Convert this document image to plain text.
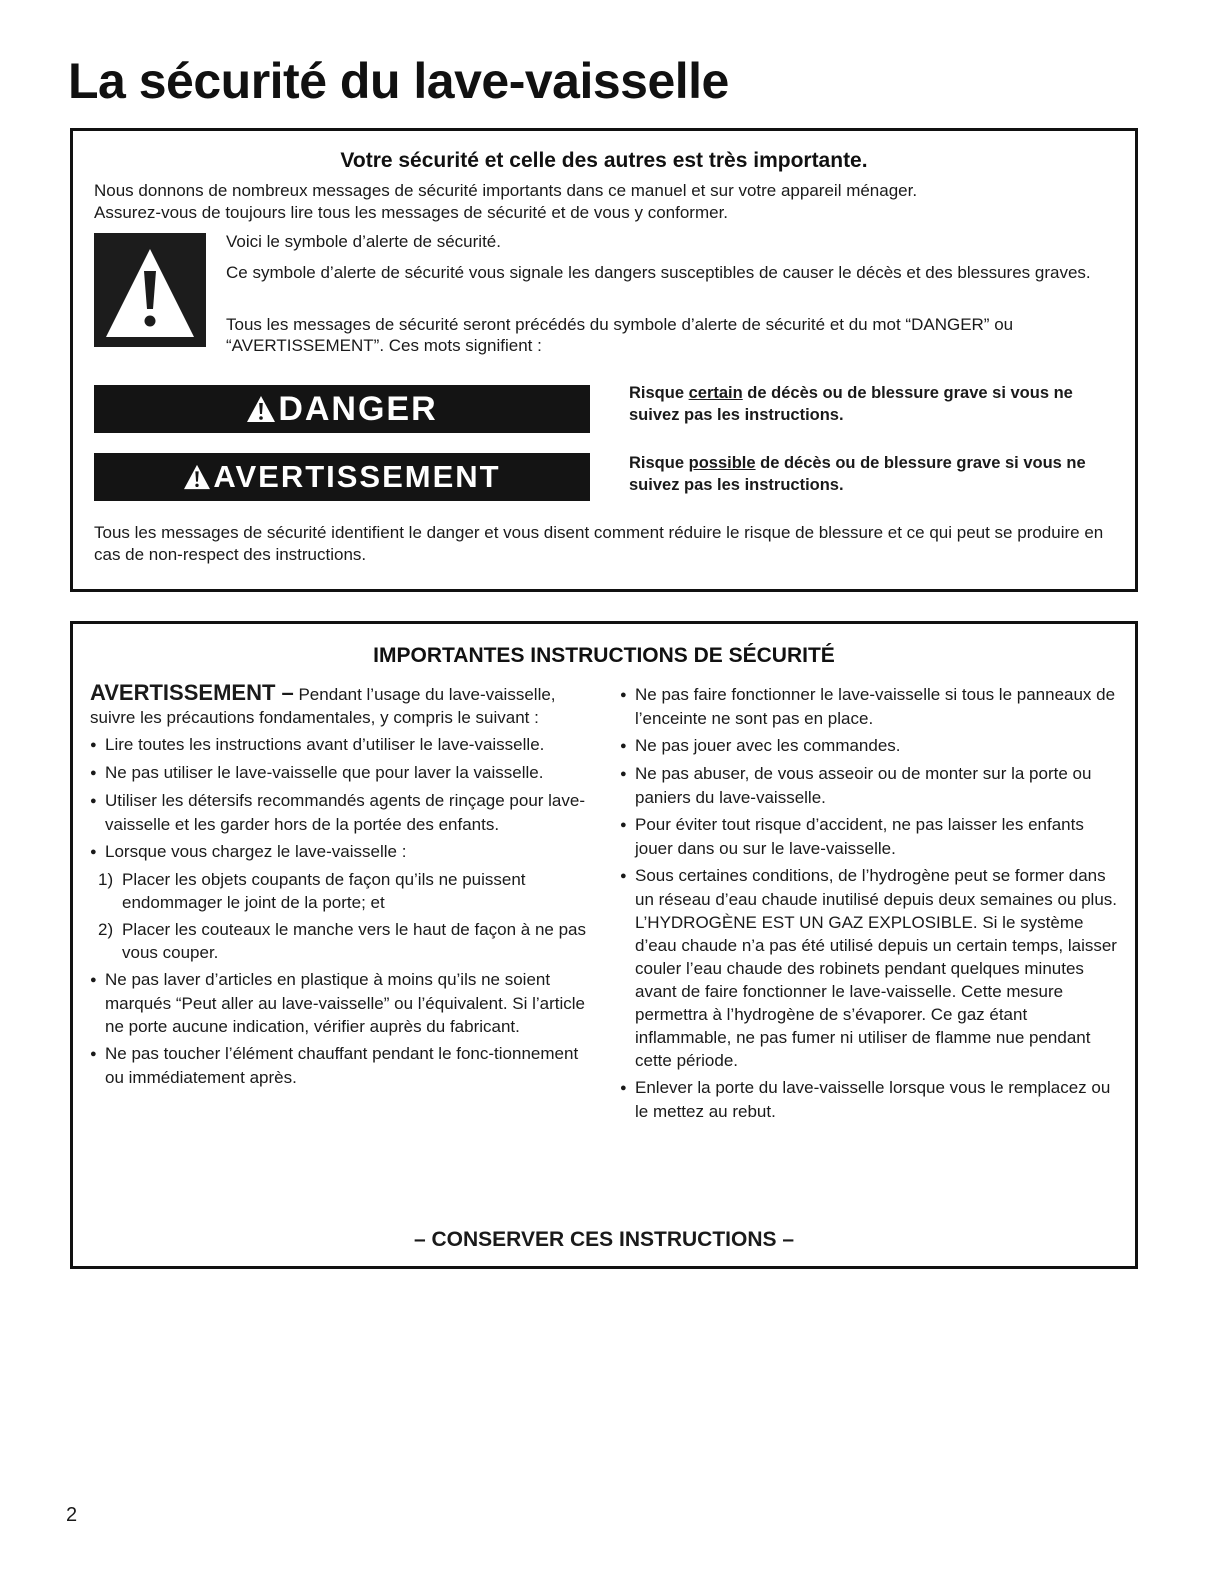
La sécurité du lave-vaisselle
Votre sécurité et celle des autres est très importante.
Nous donnons de nombreux messages de sécurité importants dans ce manuel et sur votre appareil ménager.
Assurez-vous de toujours lire tous les messages de sécurité et de vous y conformer.
Voici le symbole d’alerte de sécurité.
Ce symbole d’alerte de sécurité vous signale les dangers susceptibles de causer le décès et des blessures graves.
Tous les messages de sécurité seront précédés du symbole d’alerte de sécurité et du mot “DANGER” ou “AVERTISSEMENT”. Ces mots signifient :
DANGER	Risque certain de décès ou de blessure grave si vous ne suivez pas les instructions.
AVERTISSEMENT	Risque possible de décès ou de blessure grave si vous ne suivez pas les instructions.
Tous les messages de sécurité identifient le danger et vous disent comment réduire le risque de blessure et ce qui peut se produire en cas de non-respect des instructions.
IMPORTANTES INSTRUCTIONS DE SÉCURITÉ

AVERTISSEMENT – Pendant l’usage du lave-vaisselle, suivre les précautions fondamentales, y compris le suivant :

● Lire toutes les instructions avant d’utiliser le lave-vaisselle.

● Ne pas utiliser le lave-vaisselle que pour laver la vaisselle.

● Utiliser les détersifs recommandés agents de rinçage pour lave-vaisselle et les garder hors de la portée des enfants.

● Lorsque vous chargez le lave-vaisselle :

1) Placer les objets coupants de façon qu’ils ne puissent endommager le joint de la porte; et

2) Placer les couteaux le manche vers le haut de façon à ne pas vous couper.

● Ne pas laver d’articles en plastique à moins qu’ils ne soient marqués “Peut aller au lave-vaisselle” ou l’équivalent. Si l’article ne porte aucune indication, vérifier auprès du fabricant.

● Ne pas toucher l’élément chauffant pendant le fonc-tionnement ou immédiatement après.

● Ne pas faire fonctionner le lave-vaisselle si tous le panneaux de l’enceinte ne sont pas en place.

● Ne pas jouer avec les commandes.

● Ne pas abuser, de vous asseoir ou de monter sur la porte ou paniers du lave-vaisselle.

● Pour éviter tout risque d’accident, ne pas laisser les enfants jouer dans ou sur le lave-vaisselle.

● Sous certaines conditions, de l’hydrogène peut se former dans un réseau d’eau chaude inutilisé depuis deux semaines ou plus. L’HYDROGÈNE EST UN GAZ EXPLOSIBLE. Si le système d’eau chaude n’a pas été utilisé depuis un certain temps, laisser couler l’eau chaude des robinets pendant quelques minutes avant de faire fonctionner le lave-vaisselle. Cette mesure permettra à l’hydrogène de s’évaporer. Ce gaz étant inflammable, ne pas fumer ni utiliser de flamme nue pendant cette période.

● Enlever la porte du lave-vaisselle lorsque vous le remplacez ou le mettez au rebut.

– CONSERVER CES INSTRUCTIONS –
2
